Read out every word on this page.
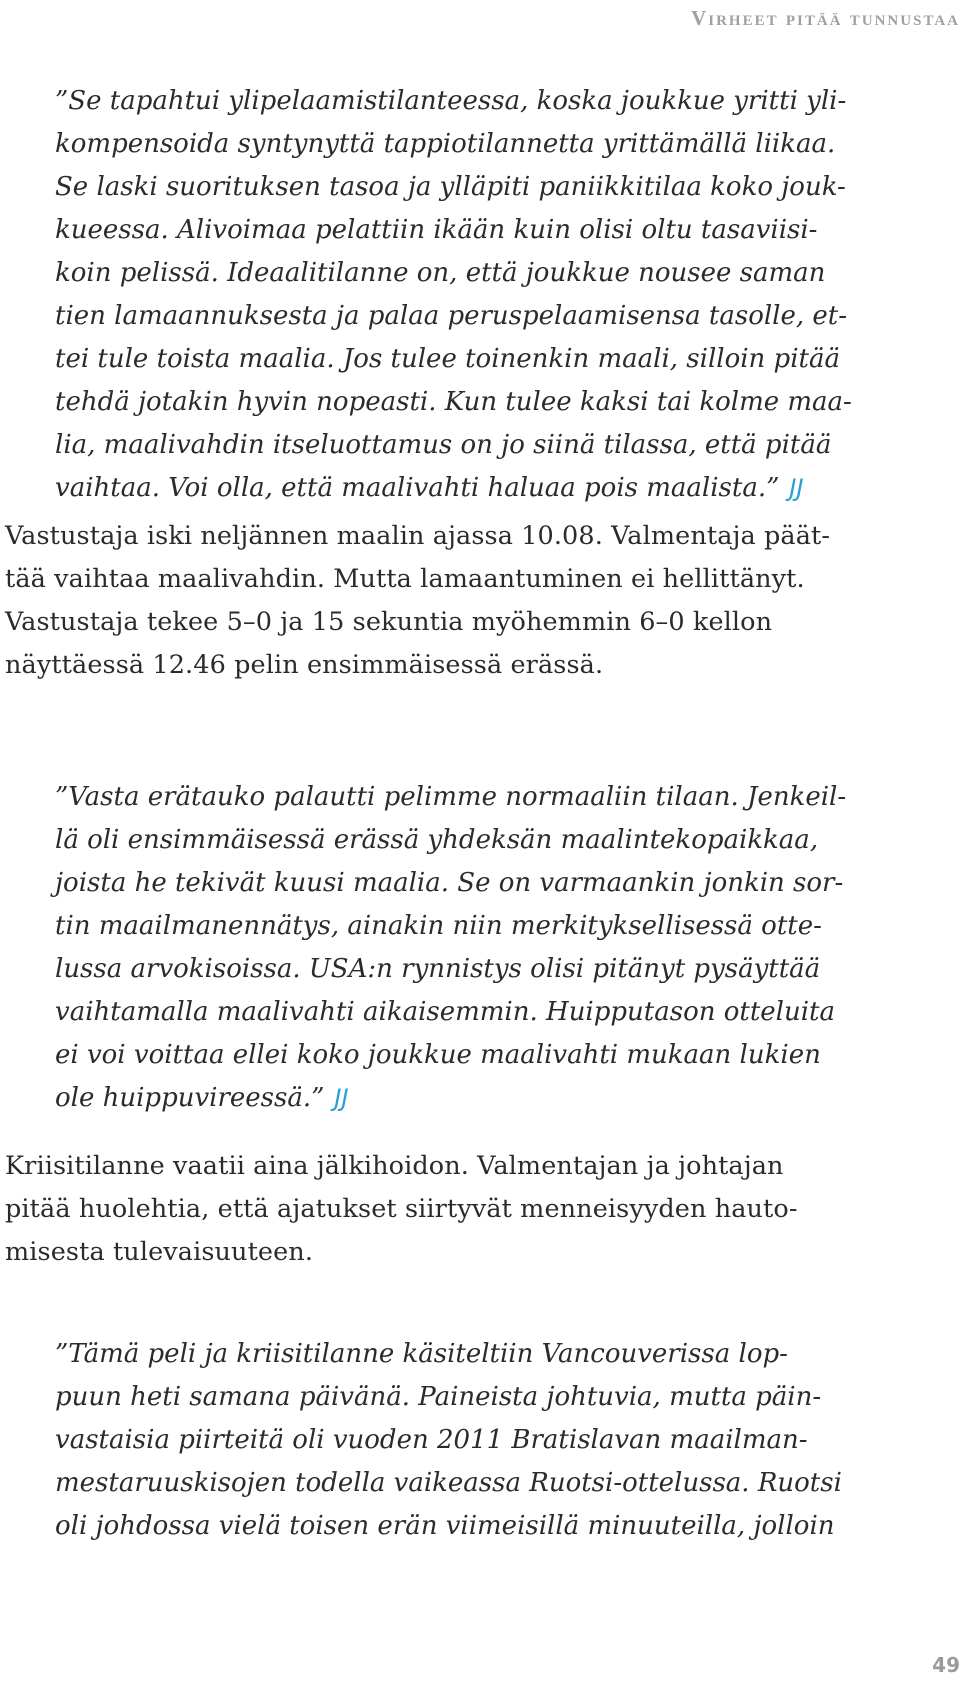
Virheet pitää tunnustaa
”Se tapahtui ylipelaamistilanteessa, koska joukkue yritti yli-
kompensoida syntynyttä tappiotilannetta yrittämällä liikaa.
Se laski suorituksen tasoa ja ylläpiti paniikkitilaa koko jouk-
kueessa. Alivoimaa pelattiin ikään kuin olisi oltu tasaviisi-
koin pelissä. Ideaalitilanne on, että joukkue nousee saman
tien lamaannuksesta ja palaa peruspelaamisensa tasolle, et-
tei tule toista maalia. Jos tulee toinenkin maali, silloin pitää
tehdä jotakin hyvin nopeasti. Kun tulee kaksi tai kolme maa-
lia, maalivahdin itseluottamus on jo siinä tilassa, että pitää
vaihtaa. Voi olla, että maalivahti haluaa pois maalista.” JJ
Vastustaja iski neljännen maalin ajassa 10.08. Valmentaja päät-
tää vaihtaa maalivahdin. Mutta lamaantuminen ei hellittänyt.
Vastustaja tekee 5–0 ja 15 sekuntia myöhemmin 6–0 kellon
näyttäessä 12.46 pelin ensimmäisessä erässä.
”Vasta erätauko palautti pelimme normaaliin tilaan. Jenkeil-
lä oli ensimmäisessä erässä yhdeksän maalintekopaikkaa,
joista he tekivät kuusi maalia. Se on varmaankin jonkin sor-
tin maailmanennätys, ainakin niin merkityksellisessä otte-
lussa arvokisoissa. USA:n rynnistys olisi pitänyt pysäyttää
vaihtamalla maalivahti aikaisemmin. Huipputason otteluita
ei voi voittaa ellei koko joukkue maalivahti mukaan lukien
ole huippuvireessä.” JJ
Kriisitilanne vaatii aina jälkihoidon. Valmentajan ja johtajan
pitää huolehtia, että ajatukset siirtyvät menneisyyden hauto-
misesta tulevaisuuteen.
”Tämä peli ja kriisitilanne käsiteltiin Vancouverissa lop-
puun heti samana päivänä. Paineista johtuvia, mutta päin-
vastaisia piirteitä oli vuoden 2011 Bratislavan maailman-
mestaruuskisojen todella vaikeassa Ruotsi-ottelussa. Ruotsi
oli johdossa vielä toisen erän viimeisillä minuuteilla, jolloin
49
